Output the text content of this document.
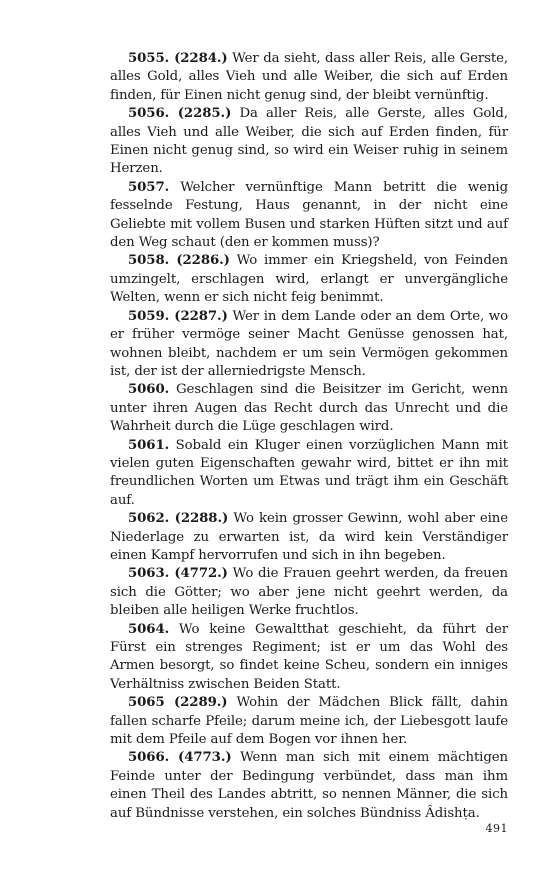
5055. (2284.) Wer da sieht, dass aller Reis, alle Gerste, alles Gold, alles Vieh und alle Weiber, die sich auf Erden finden, für Einen nicht genug sind, der bleibt vernünftig.

5056. (2285.) Da aller Reis, alle Gerste, alles Gold, alles Vieh und alle Weiber, die sich auf Erden finden, für Einen nicht genug sind, so wird ein Weiser ruhig in seinem Herzen.

5057. Welcher vernünftige Mann betritt die wenig fesselnde Festung, Haus genannt, in der nicht eine Geliebte mit vollem Busen und starken Hüften sitzt und auf den Weg schaut (den er kommen muss)?

5058. (2286.) Wo immer ein Kriegsheld, von Feinden umzingelt, erschlagen wird, erlangt er unvergängliche Welten, wenn er sich nicht feig benimmt.

5059. (2287.) Wer in dem Lande oder an dem Orte, wo er früher vermöge seiner Macht Genüsse genossen hat, wohnen bleibt, nachdem er um sein Vermögen gekommen ist, der ist der allerniedrigste Mensch.

5060. Geschlagen sind die Beisitzer im Gericht, wenn unter ihren Augen das Recht durch das Unrecht und die Wahrheit durch die Lüge geschlagen wird.

5061. Sobald ein Kluger einen vorzüglichen Mann mit vielen guten Eigenschaften gewahr wird, bittet er ihn mit freundlichen Worten um Etwas und trägt ihm ein Geschäft auf.

5062. (2288.) Wo kein grosser Gewinn, wohl aber eine Niederlage zu erwarten ist, da wird kein Verständiger einen Kampf hervorrufen und sich in ihn begeben.

5063. (4772.) Wo die Frauen geehrt werden, da freuen sich die Götter; wo aber jene nicht geehrt werden, da bleiben alle heiligen Werke fruchtlos.

5064. Wo keine Gewaltthat geschieht, da führt der Fürst ein strenges Regiment; ist er um das Wohl des Armen besorgt, so findet keine Scheu, sondern ein inniges Verhältniss zwischen Beiden Statt.

5065 (2289.) Wohin der Mädchen Blick fällt, dahin fallen scharfe Pfeile; darum meine ich, der Liebesgott laufe mit dem Pfeile auf dem Bogen vor ihnen her.

5066. (4773.) Wenn man sich mit einem mächtigen Feinde unter der Bedingung verbündet, dass man ihm einen Theil des Landes abtritt, so nennen Männer, die sich auf Bündnisse verstehen, ein solches Bündniss Âdishṭa.

491
